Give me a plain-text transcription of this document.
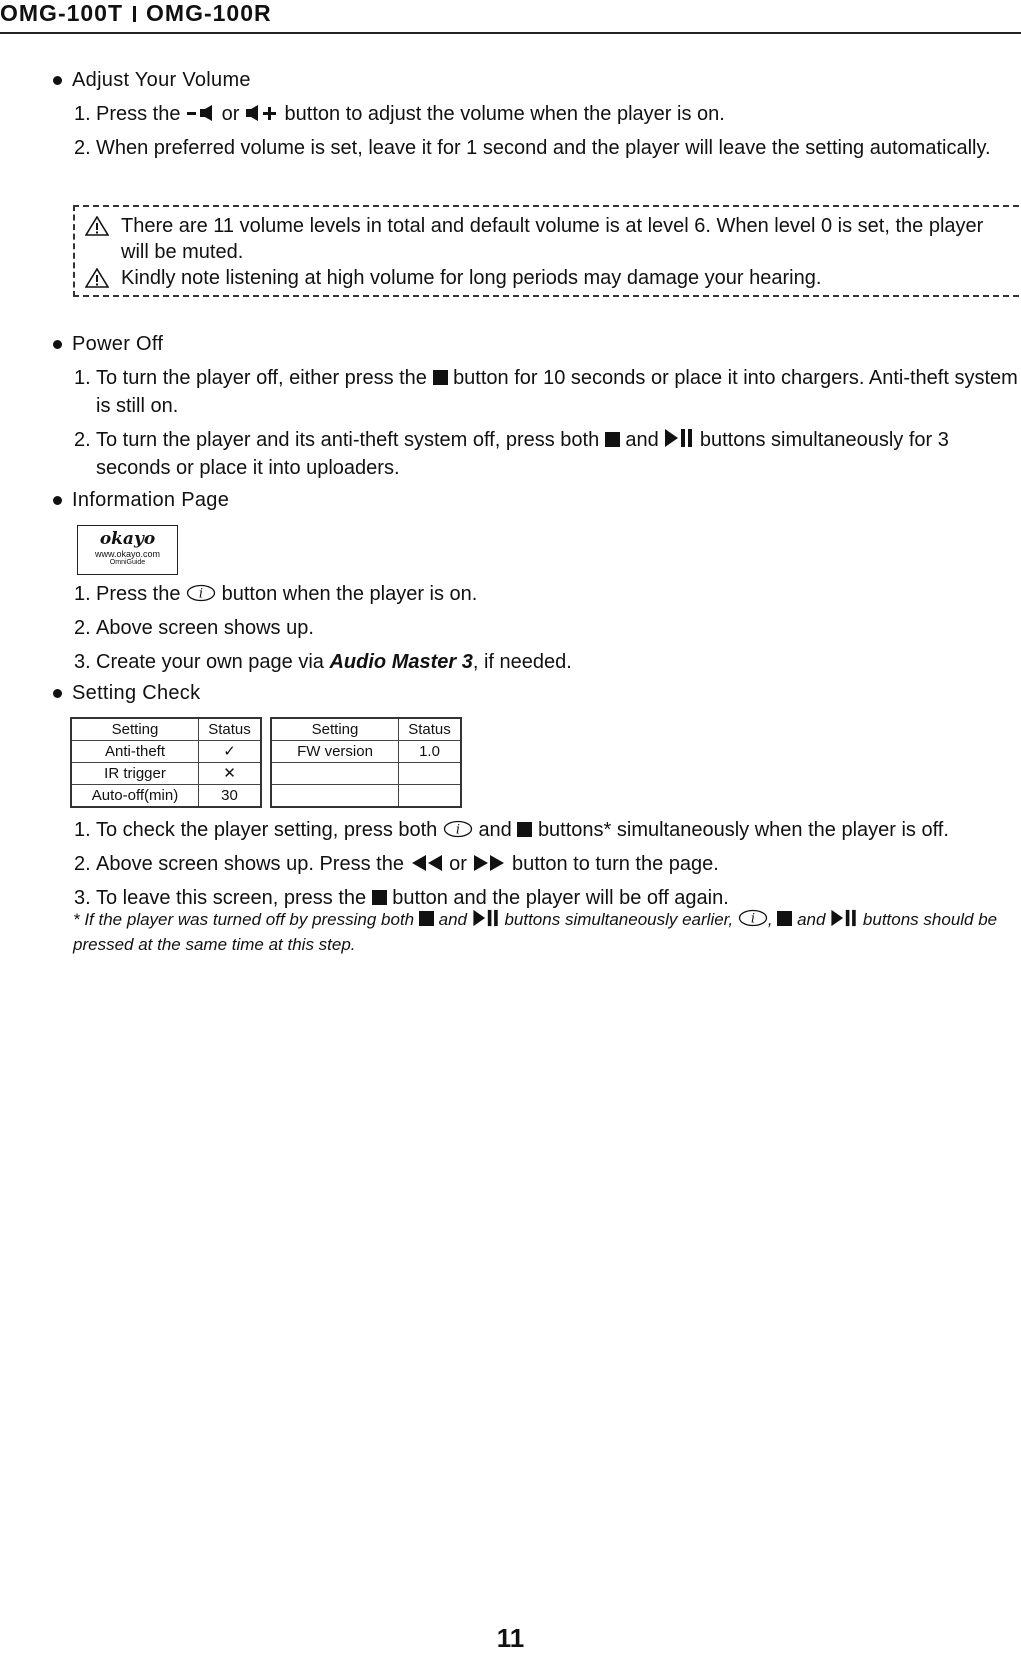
OMG-100T OMG-100R
Adjust Your Volume
1. Press the or button to adjust the volume when the player is on.
2. When preferred volume is set, leave it for 1 second and the player will leave the setting automatically.
There are 11 volume levels in total and default volume is at level 6. When level 0 is set, the player will be muted.
Kindly note listening at high volume for long periods may damage your hearing.
Power Off
1. To turn the player off, either press the button for 10 seconds or place it into chargers. Anti-theft system is still on.
2. To turn the player and its anti-theft system off, press both and buttons simultaneously for 3 seconds or place it into uploaders.
Information Page
okayo
www.okayo.com
OmniGuide
1. Press the i button when the player is on.
2. Above screen shows up.
3. Create your own page via Audio Master 3, if needed.
Setting Check
Setting	Status
Anti-theft	✓
IR trigger	✕
Auto-off(min)	30
Setting	Status
FW version	1.0

1. To check the player setting, press both i and buttons* simultaneously when the player is off.
2. Above screen shows up. Press the or button to turn the page.
3. To leave this screen, press the button and the player will be off again.
* If the player was turned off by pressing both and buttons simultaneously earlier, i , and buttons should be pressed at the same time at this step.
11
